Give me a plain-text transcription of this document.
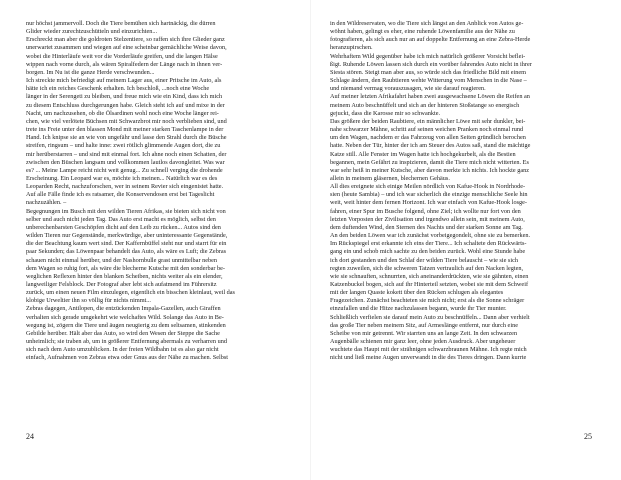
nur höchst jammervoll. Doch die Tiere bemühen sich hartnäckig, die dürren
Glider wieder zurechtzuschütteln und einzurichten...
Erschreckt man aber die goldroten Stelzentiere, so raffen sich ihre Glieder ganz
unerwartet zusammen und wiegen auf eine scheinbar gemächliche Weise davon,
wobei die Hinterläufe weit vor die Vorderläufe greifen, und die langen Hälse
wippen nach vorne durch, als wären Spiralfedern der Länge nach in ihnen ver-
borgen. Im Nu ist die ganze Herde verschwunden...
Ich streckte mich befriedigt auf meinem Lager aus, einer Pritsche im Auto, als
hätte ich ein reiches Geschenk erhalten. Ich beschloß, ...noch eine Woche
länger in der Serengeti zu bleiben, und freue mich wie ein Kind, dass ich mich
zu diesem Entschluss durchgerungen habe. Gleich steht ich auf und mixe in der
Nacht, um nachzusehen, ob die Ölsardinen wohl noch eine Woche länger rei-
chen, wie viel verlötete Büchsen mit Schwarzbrot mir noch verblieben sind, und
trete ins Freie unter den blassen Mond mit meiner starken Taschenlampe in der
Hand. Ich knipse sie an wie von ungefähr und lasse den Strahl durch die Büsche
streifen, ringsum – und halte inne: zwei rötlich glimmende Augen dort, die zu
mir herüberstarren – und sind mit einmal fort. Ich ahne noch einen Schatten, der
zwischen den Büschen langsam und vollkommen lautlos davongleitet. Was war
es? ... Meine Lampe reicht nicht weit genug... Zu schnell verging die drohende
Erscheinung. Ein Leopard war es, möchte ich meinen... Natürlich war es des
Leoparden Recht, nachzuforschen, wer in seinem Revier sich eingenistet hatte.
Auf alle Fälle finde ich es ratsamer, die Konservendosen erst bei Tageslicht
nachzuzählen. –
Begegnungen im Busch mit den wilden Tieren Afrikas, sie bieten sich nicht von
selber und auch nicht jeden Tag. Das Auto erst macht es möglich, selbst den
unberechenbarsten Geschöpfen dicht auf den Leib zu rücken... Autos sind den
wilden Tieren nur Gegenstände, merkwürdige, aber uninteressante Gegenstände,
die der Beachtung kaum wert sind. Der Kaffernbüffel steht nur und starrt für ein
paar Sekunden; das Löwenpaar behandelt das Auto, als wäre es Luft; die Zebras
schauen nicht einmal herüber, und der Nashornbulle grast unmittelbar neben
dem Wagen so ruhig fort, als wäre die blecherne Kutsche mit den sonderbar be-
weglichen Reflexen hinter den blanken Scheiben, nichts weiter als ein elender,
langweiliger Felsblock. Der Fotograf aber lebt sich aufatmend im Führersitz
zurück, um einen neuen Film einzulegen, eigentlich ein bisschen kleinlaut, weil das
klobige Urweltier ihn so völlig für nichts nimmt...
Zebras dagegen, Antilopen, die entzückenden Impala-Gazellen, auch Giraffen
verhalten sich gerade umgekehrt wie welchaftes Wild. Solange das Auto in Be-
wegung ist, zögern die Tiere und äugen neugierig zu dem seltsamen, stinkenden
Gebilde herüber. Hält aber das Auto, so wird den Wesen der Steppe die Sache
unheimlich; sie traben ab, um in größerer Entfernung abermals zu verharren und
sich nach dem Auto umzublicken. In der freien Wildbahn ist es also gar nicht
einfach, Aufnahmen von Zebras etwa oder Gnus aus der Nähe zu machen. Selbst
in den Wildreservaten, wo die Tiere sich längst an den Anblick von Autos ge-
wöhnt haben, gelingt es eher, eine ruhende Löwenfamilie aus der Nähe zu
fotografieren, als sich auch nur an auf doppelte Entfernung an eine Zebra-Herde
heranzupirschen.
Wehrhaftem Wild gegenüber habe ich mich natürlich größerer Vorsicht beflei-
ßigt. Ruhende Löwen lassen sich durch ein vorüber fahrendes Auto nicht in ihrer
Siesta stören. Steigt man aber aus, so würde sich das friedliche Bild mit einem
Schlage ändern, den Raubtieren wehte Witterung vom Menschen in die Nase –
und niemand vermag vorauszusagen, wie sie darauf reagieren.
Auf meiner letzten Afrikafahrt haben zwei ausgewachsene Löwen die Reifen an
meinem Auto beschnüffelt und sich an der hinteren Stoßstange so energisch
gejuckt, dass die Karosse mir so schwankte.
Das größere der beiden Raubtiere, ein männlicher Löwe mit sehr dunkler, bei-
nahe schwarzer Mähne, schritt auf seinen weichen Pranken noch einmal rund
um den Wagen, nachdem er das Fahrzeug von allen Seiten gründlich berochen
hatte. Neben der Tür, hinter der ich am Steuer des Autos saß, stand die mächtige
Katze still. Alle Fenster im Wagen hatte ich hochgekurbelt, als die Bestien
begannen, mein Gefährt zu inspizieren, damit die Tiere mich nicht witterten. Es
war sehr heiß in meiner Kutsche, aber davon merkte ich nichts. Ich hockte ganz
allein in meinem gläsernen, blechernen Gehäus.
All dies ereignete sich einige Meilen nördlich von Kafue-Hook in Nordrhode-
sien (heute Sambia) – und ich war sicherlich die einzige menschliche Seele hin
weit, weit hinter dem fernen Horizont. Ich war einfach von Kafue-Hook losge-
fahren, einer Spur im Busche folgend, ohne Ziel; ich wollte nur fort von den
letzten Vorposten der Zivilisation und irgendwo allein sein, mit meinem Auto,
dem duftenden Wind, den Sternen des Nachts und der starken Sonne am Tag.
An den beiden Löwen war ich zunächst vorbeigegondelt, ohne sie zu bemerken.
Im Rückspiegel erst erkannte ich eins der Tiere... Ich schaltete den Rückwärts-
gang ein und schob mich sachte zu den beiden zurück. Wohl eine Stunde habe
ich dort gestanden und den Schlaf der wilden Tiere belauscht – wie sie sich
regten zuweilen, sich die schweren Tatzen vertraulich auf den Nacken legten,
wie sie schnauften, schnurrten, sich aneinanderdrückten, wie sie gähnten, einen
Katzenbuckel bogen, sich auf ihr Hinterteil setzten, wobei sie mit dem Schweif
mit der langen Quaste kokett über den Rücken schlugen als elegantes
Fragezeichen. Zunächst beachteten sie mich nicht; erst als die Sonne schräger
einzufallen und die Hitze nachzulassen begann, wurde ihr Tier munter.
Schließlich verfielen sie darauf mein Auto zu beschnüffeln... Dann aber verhielt
das große Tier neben meinem Sitz, auf Armeslänge entfernt, nur durch eine
Scheibe von mir getrennt. Wir starrten uns an lange Zeit. In den schwarzen
Augenbälle schienen mir ganz leer, ohne jeden Ausdruck. Aber ungeheuer
wuchtete das Haupt mit der strähnigen schwarzbraunen Mähne. Ich regte mich
nicht und ließ meine Augen unverwandt in die des Tieres dringen. Dann kurrte
24	25
